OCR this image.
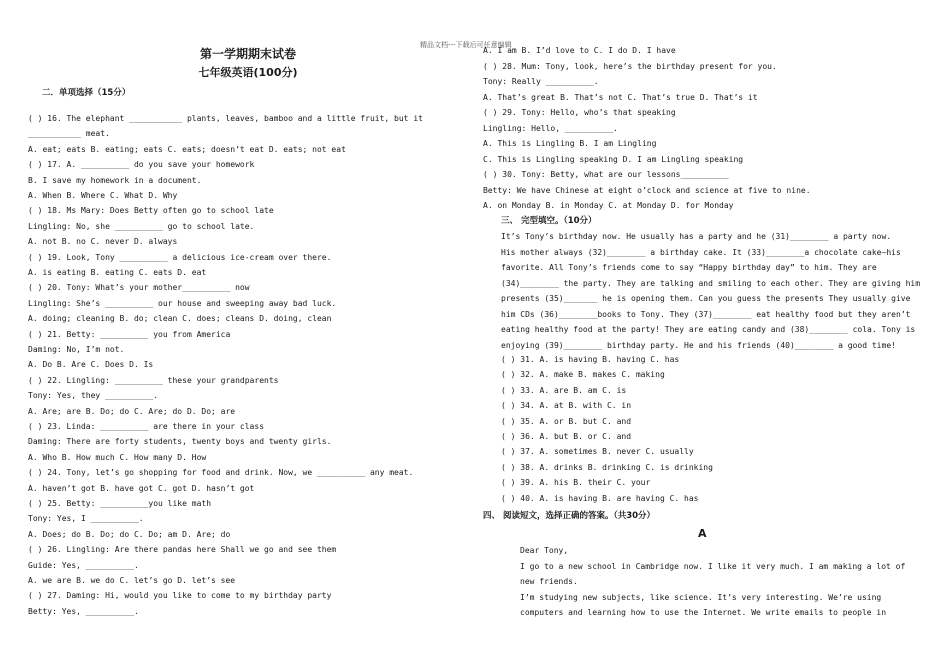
精品文档---下载后可任意编辑
第一学期期末试卷
七年级英语(100分)
二．单项选择（15分）
( ) 16. The elephant ___________ plants, leaves, bamboo and a little fruit, but it
___________ meat.
A. eat; eats B. eating; eats C. eats; doesn’t eat D. eats; not eat
( ) 17. A. __________ do you save your homework
B. I save my homework in a document.
A. When B. Where C. What D. Why
( ) 18. Ms Mary: Does Betty often go to school late
Lingling: No, she __________ go to school late.
A. not B. no C. never D. always
( ) 19. Look, Tony __________ a delicious ice-cream over there.
A. is eating B. eating C. eats D. eat
( ) 20. Tony: What’s your mother__________ now
Lingling: She’s __________ our house and sweeping away bad luck.
A. doing; cleaning B. do; clean C. does; cleans D. doing, clean
( ) 21. Betty: __________ you from America
Daming: No, I’m not.
A. Do B. Are C. Does D. Is
( ) 22. Lingling: __________ these your grandparents
Tony: Yes, they __________.
A. Are; are B. Do; do C. Are; do D. Do; are
( ) 23. Linda: __________ are there in your class
Daming: There are forty students, twenty boys and twenty girls.
A. Who B. How much C. How many D. How
( ) 24. Tony, let’s go shopping for food and drink. Now, we __________ any meat.
A. haven’t got B. have got C. got D. hasn’t got
( ) 25. Betty: __________you like math
Tony: Yes, I __________.
A. Does; do B. Do; do C. Do; am D. Are; do
( ) 26. Lingling: Are there pandas here Shall we go and see them
Guide: Yes, __________.
A. we are B. we do C. let’s go D. let’s see
( ) 27. Daming: Hi, would you like to come to my birthday party
Betty: Yes, __________.
A. I am B. I’d love to C. I do D. I have
( ) 28. Mum: Tony, look, here’s the birthday present for you.
Tony: Really __________.
A. That’s great B. That’s not C. That’s true D. That’s it
( ) 29. Tony: Hello, who’s that speaking
Lingling: Hello, __________.
A. This is Lingling B. I am Lingling
C. This is Lingling speaking D. I am Lingling speaking
( ) 30. Tony: Betty, what are our lessons__________
Betty: We have Chinese at eight o’clock and science at five to nine.
A. on Monday B. in Monday C. at Monday D. for Monday
三、 完型填空。（10分）
It’s Tony’s birthday now. He usually has a party and he (31)________ a party now.
His mother always (32)________ a birthday cake. It (33)________a chocolate cake—his
favorite. All Tony’s friends come to say “Happy birthday day” to him. They are
(34)________ the party. They are talking and smiling to each other. They are giving him
presents (35)_______ he is opening them. Can you guess the presents They usually give
him CDs (36)________books to Tony. They (37)________ eat healthy food but they aren’t
eating healthy food at the party! They are eating candy and (38)________ cola. Tony is
enjoying (39)________ birthday party. He and his friends (40)________ a good time!
( ) 31. A. is having B. having C. has
( ) 32. A. make B. makes C. making
( ) 33. A. are B. am C. is
( ) 34. A. at B. with C. in
( ) 35. A. or B. but C. and
( ) 36. A. but B. or C. and
( ) 37. A. sometimes B. never C. usually
( ) 38. A. drinks B. drinking C. is drinking
( ) 39. A. his B. their C. your
( ) 40. A. is having B. are having C. has
四、 阅读短文，选择正确的答案。（共30分）
A
Dear Tony,
I go to a new school in Cambridge now. I like it very much. I am making a lot of
new friends.
I’m studying new subjects, like science. It’s very interesting. We’re using
computers and learning how to use the Internet. We write emails to people in
